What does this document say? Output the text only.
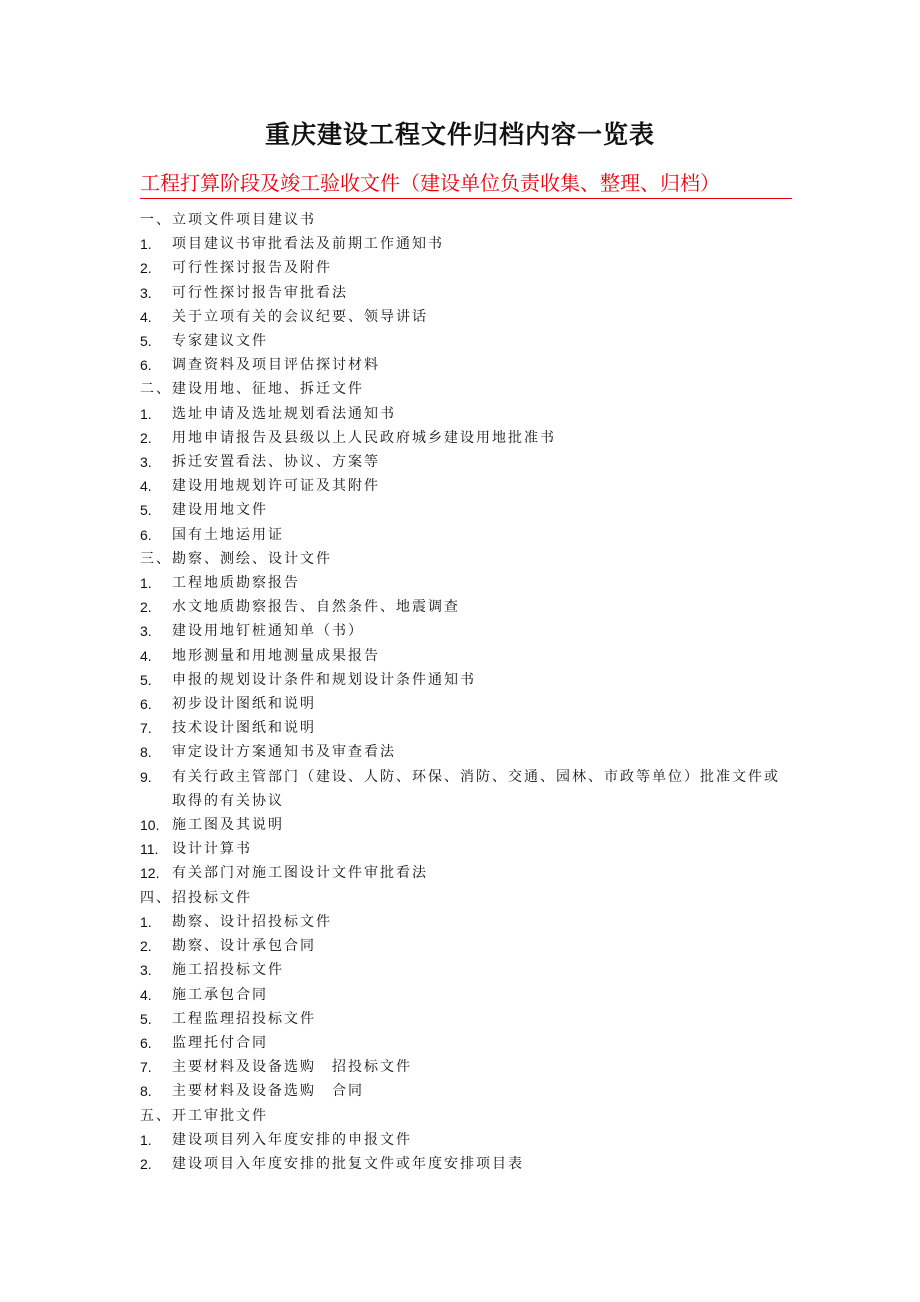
重庆建设工程文件归档内容一览表
工程打算阶段及竣工验收文件（建设单位负责收集、整理、归档）
一、立项文件项目建议书
1.	项目建议书审批看法及前期工作通知书
2.	可行性探讨报告及附件
3.	可行性探讨报告审批看法
4.	关于立项有关的会议纪要、领导讲话
5.	专家建议文件
6.	调查资料及项目评估探讨材料
二、建设用地、征地、拆迁文件
1.	选址申请及选址规划看法通知书
2.	用地申请报告及县级以上人民政府城乡建设用地批准书
3.	拆迁安置看法、协议、方案等
4.	建设用地规划许可证及其附件
5.	建设用地文件
6.	国有土地运用证
三、勘察、测绘、设计文件
1.	工程地质勘察报告
2.	水文地质勘察报告、自然条件、地震调查
3.	建设用地钉桩通知单（书）
4.	地形测量和用地测量成果报告
5.	申报的规划设计条件和规划设计条件通知书
6.	初步设计图纸和说明
7.	技术设计图纸和说明
8.	审定设计方案通知书及审查看法
9.	有关行政主管部门（建设、人防、环保、消防、交通、园林、市政等单位）批准文件或取得的有关协议
10. 施工图及其说明
11. 设计计算书
12. 有关部门对施工图设计文件审批看法
四、招投标文件
1.	勘察、设计招投标文件
2.	勘察、设计承包合同
3.	施工招投标文件
4.	施工承包合同
5.	工程监理招投标文件
6.	监理托付合同
7.	主要材料及设备选购　招投标文件
8.	主要材料及设备选购　合同
五、开工审批文件
1.	建设项目列入年度安排的申报文件
2.	建设项目入年度安排的批复文件或年度安排项目表
